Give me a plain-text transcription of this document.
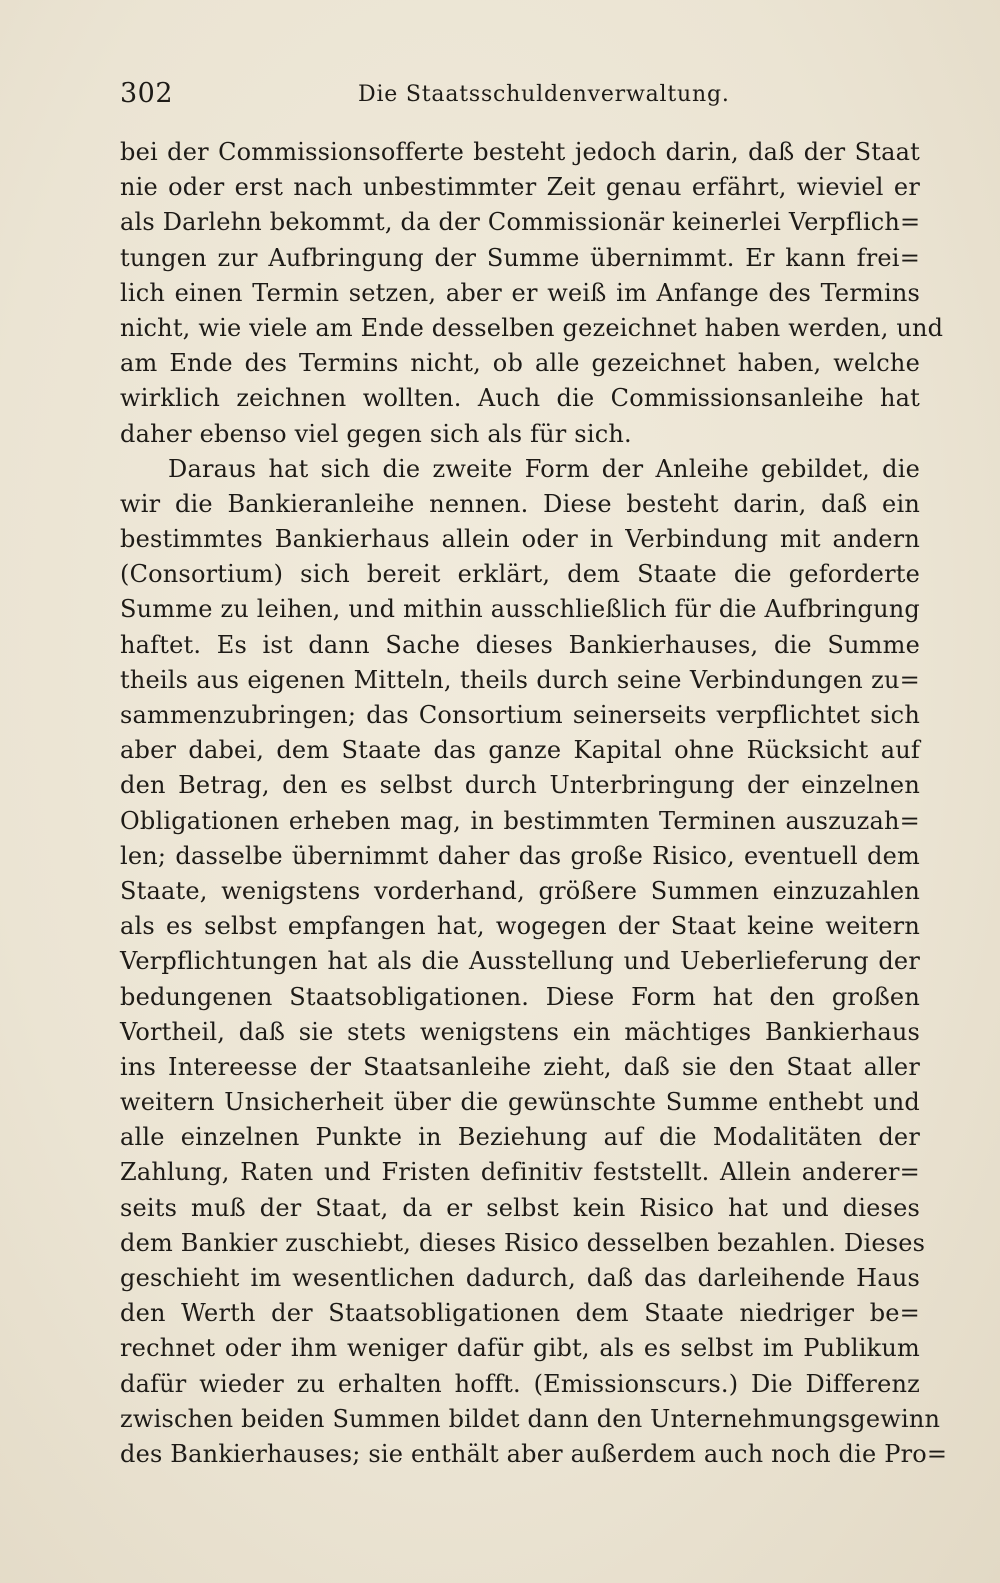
302	Die Staatsschuldenverwaltung.
bei der Commissionsofferte besteht jedoch darin, daß der Staat
nie oder erst nach unbestimmter Zeit genau erfährt, wieviel er
als Darlehn bekommt, da der Commissionär keinerlei Verpflich=
tungen zur Aufbringung der Summe übernimmt. Er kann frei=
lich einen Termin setzen, aber er weiß im Anfange des Termins
nicht, wie viele am Ende desselben gezeichnet haben werden, und
am Ende des Termins nicht, ob alle gezeichnet haben, welche
wirklich zeichnen wollten. Auch die Commissionsanleihe hat
daher ebenso viel gegen sich als für sich.
Daraus hat sich die zweite Form der Anleihe gebildet, die
wir die Bankieranleihe nennen. Diese besteht darin, daß ein
bestimmtes Bankierhaus allein oder in Verbindung mit andern
(Consortium) sich bereit erklärt, dem Staate die geforderte
Summe zu leihen, und mithin ausschließlich für die Aufbringung
haftet. Es ist dann Sache dieses Bankierhauses, die Summe
theils aus eigenen Mitteln, theils durch seine Verbindungen zu=
sammenzubringen; das Consortium seinerseits verpflichtet sich
aber dabei, dem Staate das ganze Kapital ohne Rücksicht auf
den Betrag, den es selbst durch Unterbringung der einzelnen
Obligationen erheben mag, in bestimmten Terminen auszuzah=
len; dasselbe übernimmt daher das große Risico, eventuell dem
Staate, wenigstens vorderhand, größere Summen einzuzahlen
als es selbst empfangen hat, wogegen der Staat keine weitern
Verpflichtungen hat als die Ausstellung und Ueberlieferung der
bedungenen Staatsobligationen. Diese Form hat den großen
Vortheil, daß sie stets wenigstens ein mächtiges Bankierhaus
ins Intereesse der Staatsanleihe zieht, daß sie den Staat aller
weitern Unsicherheit über die gewünschte Summe enthebt und
alle einzelnen Punkte in Beziehung auf die Modalitäten der
Zahlung, Raten und Fristen definitiv feststellt. Allein anderer=
seits muß der Staat, da er selbst kein Risico hat und dieses
dem Bankier zuschiebt, dieses Risico desselben bezahlen. Dieses
geschieht im wesentlichen dadurch, daß das darleihende Haus
den Werth der Staatsobligationen dem Staate niedriger be=
rechnet oder ihm weniger dafür gibt, als es selbst im Publikum
dafür wieder zu erhalten hofft. (Emissionscurs.) Die Differenz
zwischen beiden Summen bildet dann den Unternehmungsgewinn
des Bankierhauses; sie enthält aber außerdem auch noch die Pro=
